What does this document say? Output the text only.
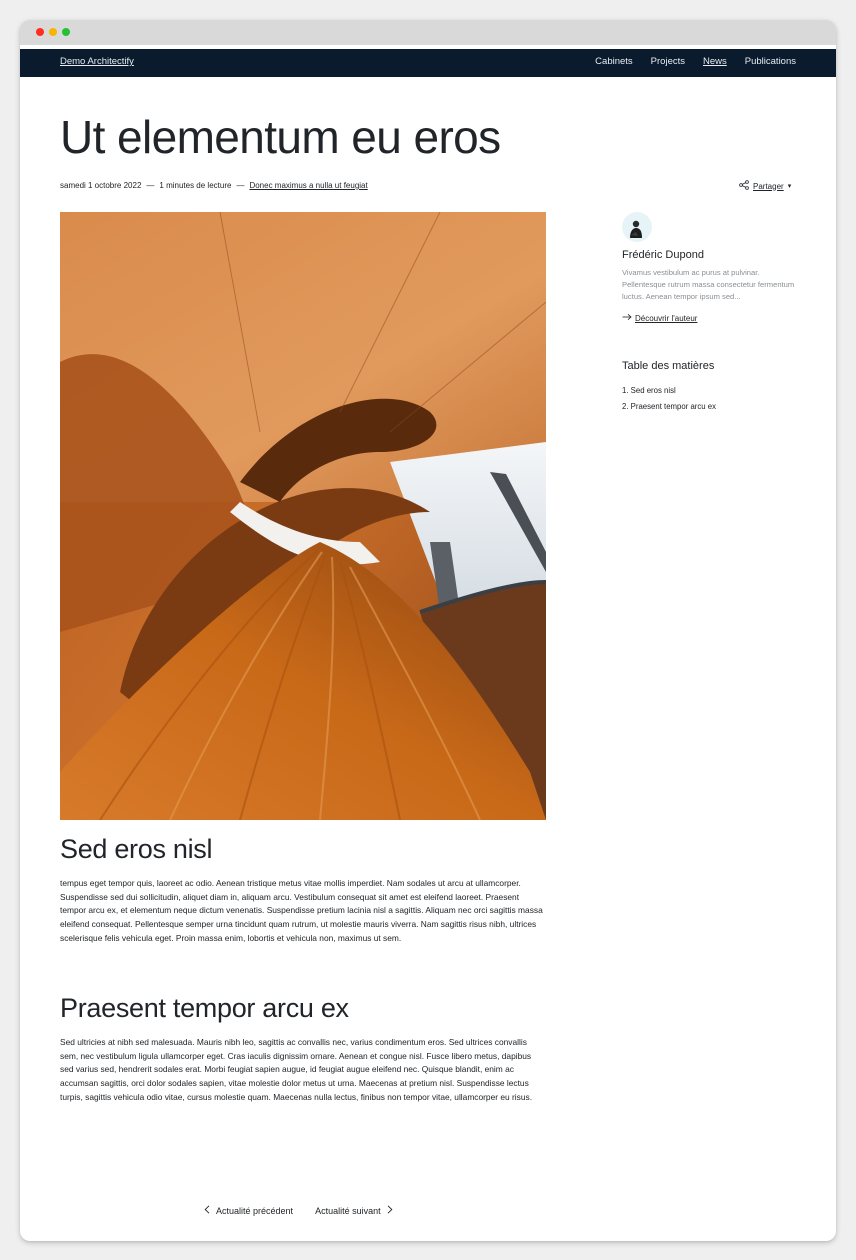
Demo Architectify	Cabinets Projects News Publications
Ut elementum eu eros
samedi 1 octobre 2022 — 1 minutes de lecture — Donec maximus a nulla ut feugiat	Partager ▾
Sed eros nisl

tempus eget tempor quis, laoreet ac odio. Aenean tristique metus vitae mollis imperdiet. Nam sodales ut arcu at ullamcorper. Suspendisse sed dui sollicitudin, aliquet diam in, aliquam arcu. Vestibulum consequat sit amet est eleifend laoreet. Praesent tempor arcu ex, et elementum neque dictum venenatis. Suspendisse pretium lacinia nisl a sagittis. Aliquam nec orci sagittis massa eleifend consequat. Pellentesque semper urna tincidunt quam rutrum, ut molestie mauris viverra. Nam sagittis risus nibh, ultrices scelerisque felis vehicula eget. Proin massa enim, lobortis et vehicula non, maximus ut sem.

Praesent tempor arcu ex

Sed ultricies at nibh sed malesuada. Mauris nibh leo, sagittis ac convallis nec, varius condimentum eros. Sed ultrices convallis sem, nec vestibulum ligula ullamcorper eget. Cras iaculis dignissim ornare. Aenean et congue nisl. Fusce libero metus, dapibus sed varius sed, hendrerit sodales erat. Morbi feugiat sapien augue, id feugiat augue eleifend nec. Quisque blandit, enim ac accumsan sagittis, orci dolor sodales sapien, vitae molestie dolor metus ut urna. Maecenas at pretium nisl. Suspendisse lectus turpis, sagittis vehicula odio vitae, cursus molestie quam. Maecenas nulla lectus, finibus non tempor vitae, ullamcorper eu risus.

Frédéric Dupond

Vivamus vestibulum ac purus at pulvinar. Pellentesque rutrum massa consectetur fermentum luctus. Aenean tempor ipsum sed...

Découvrir l'auteur
Table des matières
1. Sed eros nisl
2. Praesent tempor arcu ex
Actualité précédent Actualité suivant
